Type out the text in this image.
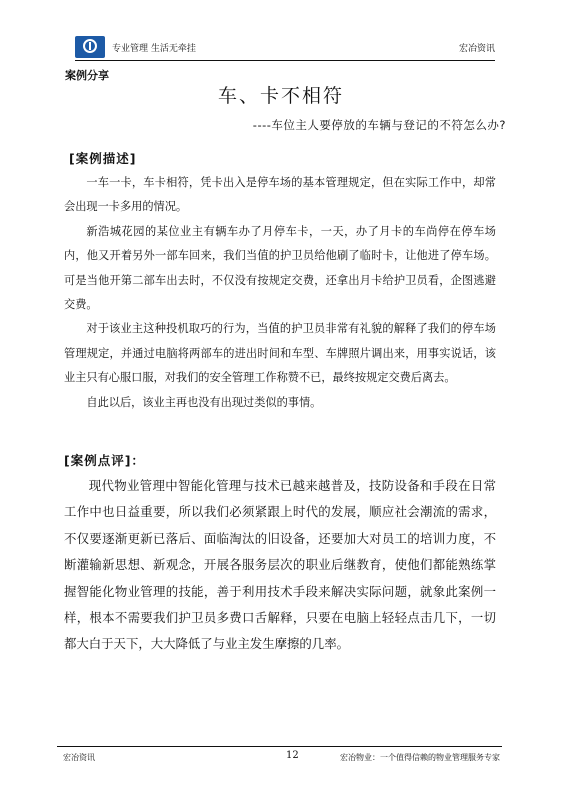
专业管理 生活无牵挂	宏冶资讯
案例分享
车、卡不相符
----车位主人要停放的车辆与登记的不符怎么办?
[案例描述]

一车一卡，车卡相符，凭卡出入是停车场的基本管理规定，但在实际工作中，却常会出现一卡多用的情况。

新浩城花园的某位业主有辆车办了月停车卡，一天，办了月卡的车尚停在停车场内，他又开着另外一部车回来，我们当值的护卫员给他刷了临时卡，让他进了停车场。可是当他开第二部车出去时，不仅没有按规定交费，还拿出月卡给护卫员看，企图逃避交费。

对于该业主这种投机取巧的行为，当值的护卫员非常有礼貌的解释了我们的停车场管理规定，并通过电脑将两部车的进出时间和车型、车牌照片调出来，用事实说话，该业主只有心服口服，对我们的安全管理工作称赞不已，最终按规定交费后离去。

自此以后，该业主再也没有出现过类似的事情。

[案例点评]：

现代物业管理中智能化管理与技术已越来越普及，技防设备和手段在日常工作中也日益重要，所以我们必须紧跟上时代的发展，顺应社会潮流的需求，不仅要逐渐更新已落后、面临淘汰的旧设备，还要加大对员工的培训力度，不断灌输新思想、新观念，开展各服务层次的职业后继教育，使他们都能熟练掌握智能化物业管理的技能，善于利用技术手段来解决实际问题，就象此案例一样，根本不需要我们护卫员多费口舌解释，只要在电脑上轻轻点击几下，一切都大白于天下，大大降低了与业主发生摩擦的几率。

宏冶资讯	12	宏冶物业：一个值得信赖的物业管理服务专家
